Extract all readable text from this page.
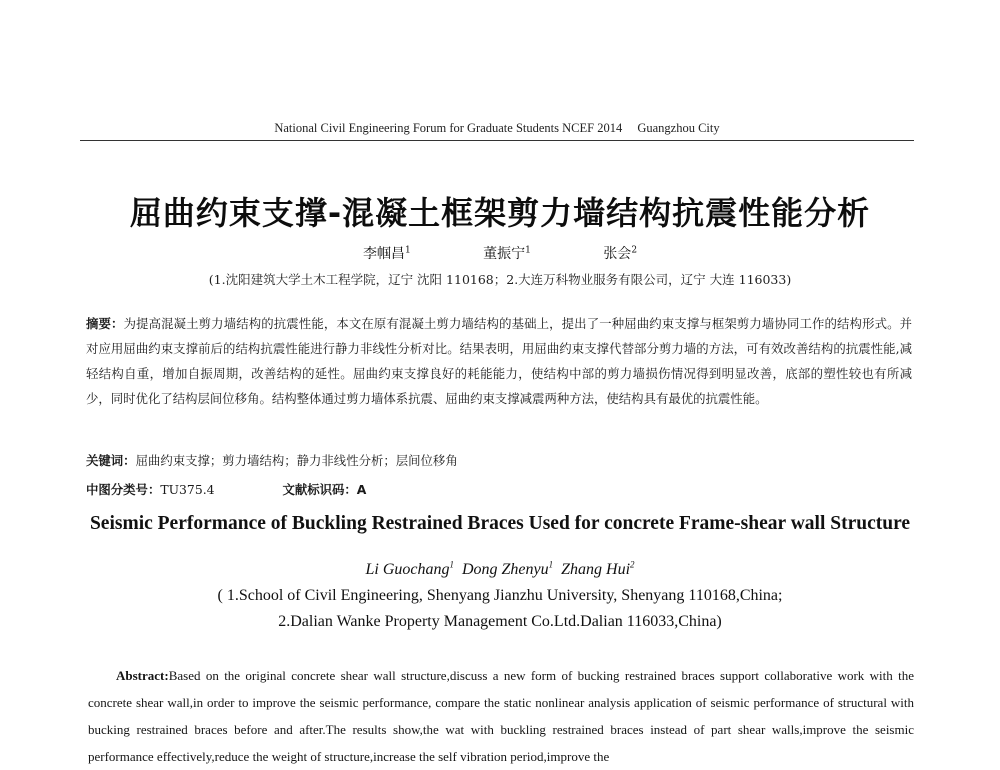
National Civil Engineering Forum for Graduate Students NCEF 2014 Guangzhou City
屈曲约束支撑-混凝土框架剪力墙结构抗震性能分析
李帼昌$^1$	董振宁$^1$	张会$^2$
(1.沈阳建筑大学土木工程学院，辽宁 沈阳 110168；2.大连万科物业服务有限公司，辽宁 大连 116033)
摘要：为提高混凝土剪力墙结构的抗震性能，本文在原有混凝土剪力墙结构的基础上，提出了一种屈曲约束支撑与框架剪力墙协同工作的结构形式。并对应用屈曲约束支撑前后的结构抗震性能进行静力非线性分析对比。结果表明，用屈曲约束支撑代替部分剪力墙的方法，可有效改善结构的抗震性能,减轻结构自重，增加自振周期，改善结构的延性。屈曲约束支撑良好的耗能能力，使结构中部的剪力墙损伤情况得到明显改善，底部的塑性较也有所减少，同时优化了结构层间位移角。结构整体通过剪力墙体系抗震、屈曲约束支撑减震两种方法，使结构具有最优的抗震性能。
关键词：屈曲约束支撑；剪力墙结构；静力非线性分析；层间位移角
中图分类号：TU375.4	文献标识码：A
Seismic Performance of Buckling Restrained Braces Used for concrete Frame-shear wall Structure
Li Guochang$^1$ Dong Zhenyu$^1$ Zhang Hui$^2$
( 1.School of Civil Engineering, Shenyang Jianzhu University, Shenyang 110168,China;
2.Dalian Wanke Property Management Co.Ltd.Dalian 116033,China)
Abstract:Based on the original concrete shear wall structure,discuss a new form of bucking restrained braces support collaborative work with the concrete shear wall,in order to improve the seismic performance, compare the static nonlinear analysis application of seismic performance of structural with bucking restrained braces before and after.The results show,the wat with buckling restrained braces instead of part shear walls,improve the seismic performance effectively,reduce the weight of structure,increase the self vibration period,improve the
